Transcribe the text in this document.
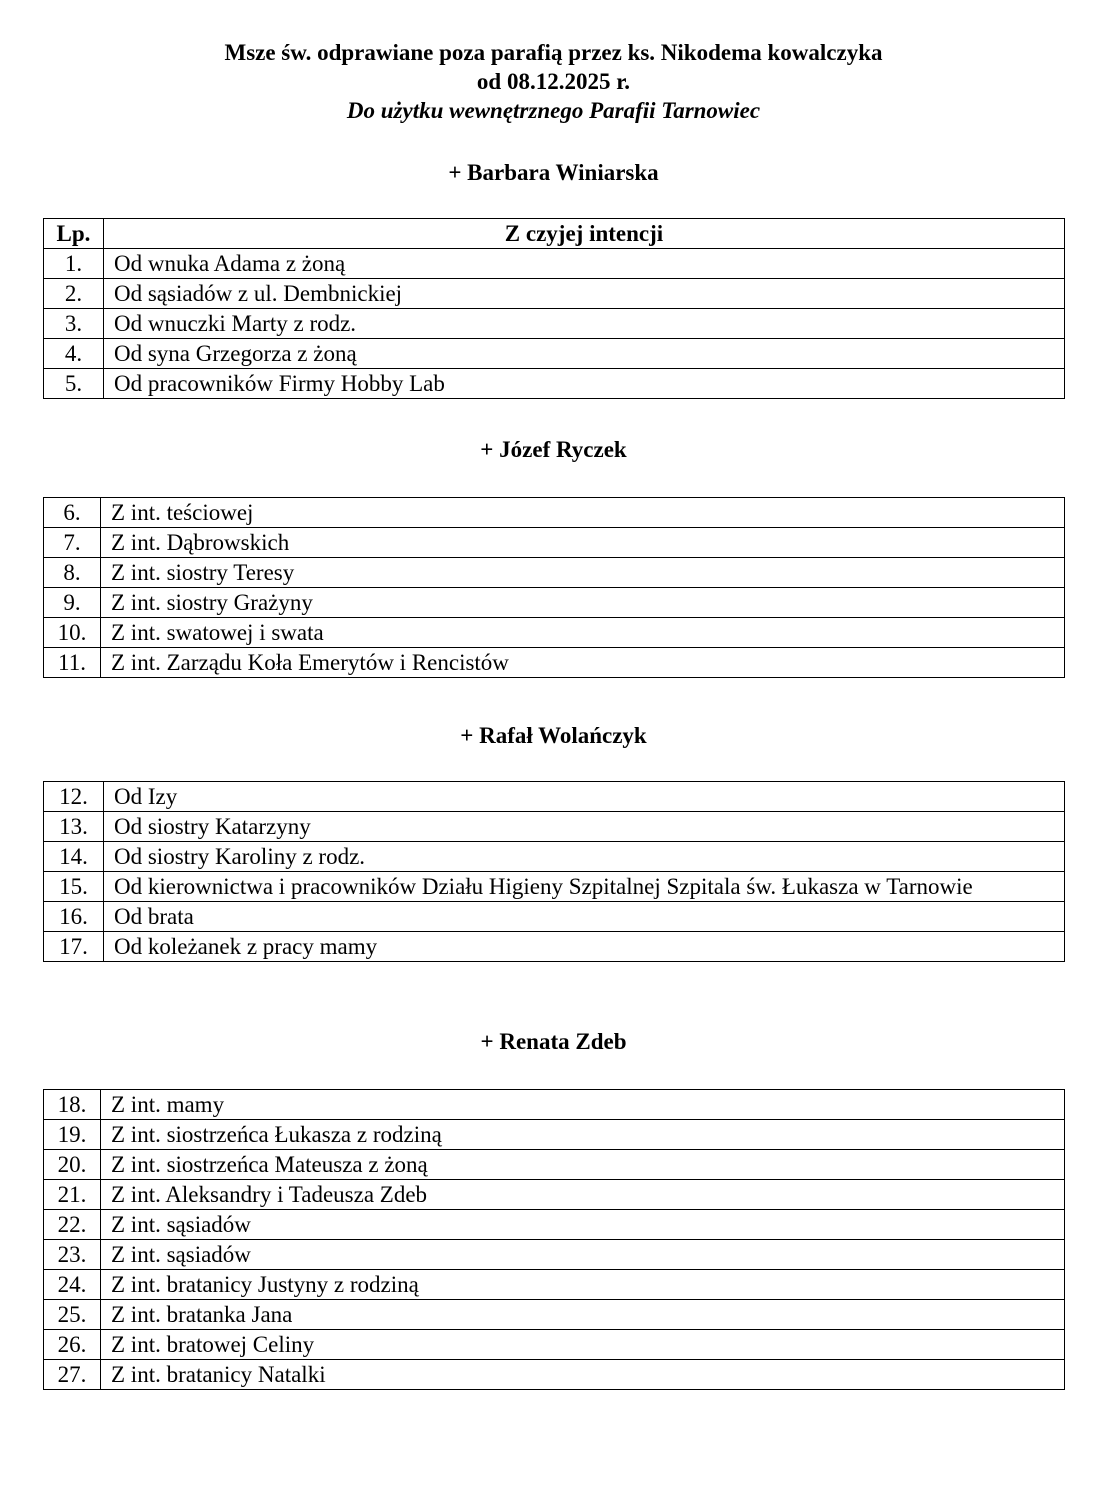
Msze św. odprawiane poza parafią przez ks. Nikodema kowalczyka
od 08.12.2025 r.
Do użytku wewnętrznego Parafii Tarnowiec
+ Barbara Winiarska
Lp.	Z czyjej intencji
1.	Od wnuka Adama z żoną
2.	Od sąsiadów z ul. Dembnickiej
3.	Od wnuczki Marty z rodz.
4.	Od syna Grzegorza z żoną
5.	Od pracowników Firmy Hobby Lab
+ Józef Ryczek
6.	Z int. teściowej
7.	Z int. Dąbrowskich
8.	Z int. siostry Teresy
9.	Z int. siostry Grażyny
10.	Z int. swatowej i swata
11.	Z int. Zarządu Koła Emerytów i Rencistów
+ Rafał Wolańczyk
12.	Od Izy
13.	Od siostry Katarzyny
14.	Od siostry Karoliny z rodz.
15.	Od kierownictwa i pracowników Działu Higieny Szpitalnej Szpitala św. Łukasza w Tarnowie
16.	Od brata
17.	Od koleżanek z pracy mamy
+ Renata Zdeb
18.	Z int. mamy
19.	Z int. siostrzeńca Łukasza z rodziną
20.	Z int. siostrzeńca Mateusza z żoną
21.	Z int. Aleksandry i Tadeusza Zdeb
22.	Z int. sąsiadów
23.	Z int. sąsiadów
24.	Z int. bratanicy Justyny z rodziną
25.	Z int. bratanka Jana
26.	Z int. bratowej Celiny
27.	Z int. bratanicy Natalki
